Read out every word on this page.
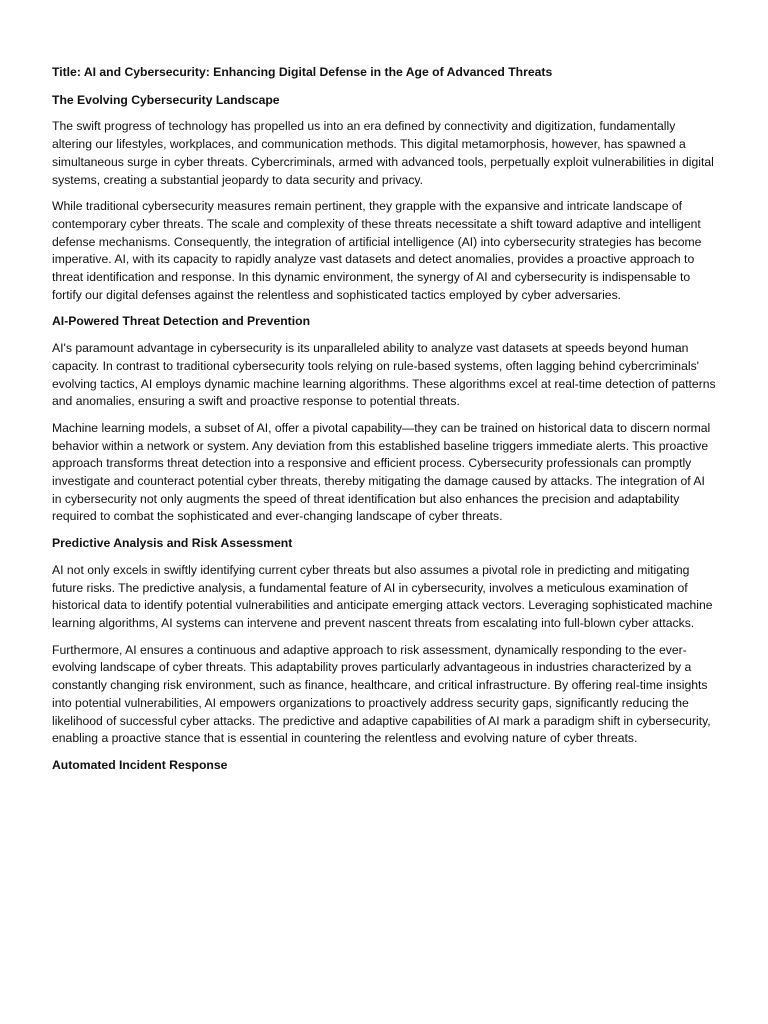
Title: AI and Cybersecurity: Enhancing Digital Defense in the Age of Advanced Threats
The Evolving Cybersecurity Landscape

The swift progress of technology has propelled us into an era defined by connectivity and digitization, fundamentally altering our lifestyles, workplaces, and communication methods. This digital metamorphosis, however, has spawned a simultaneous surge in cyber threats. Cybercriminals, armed with advanced tools, perpetually exploit vulnerabilities in digital systems, creating a substantial jeopardy to data security and privacy.

While traditional cybersecurity measures remain pertinent, they grapple with the expansive and intricate landscape of contemporary cyber threats. The scale and complexity of these threats necessitate a shift toward adaptive and intelligent defense mechanisms. Consequently, the integration of artificial intelligence (AI) into cybersecurity strategies has become imperative. AI, with its capacity to rapidly analyze vast datasets and detect anomalies, provides a proactive approach to threat identification and response. In this dynamic environment, the synergy of AI and cybersecurity is indispensable to fortify our digital defenses against the relentless and sophisticated tactics employed by cyber adversaries.

AI-Powered Threat Detection and Prevention

AI's paramount advantage in cybersecurity is its unparalleled ability to analyze vast datasets at speeds beyond human capacity. In contrast to traditional cybersecurity tools relying on rule-based systems, often lagging behind cybercriminals' evolving tactics, AI employs dynamic machine learning algorithms. These algorithms excel at real-time detection of patterns and anomalies, ensuring a swift and proactive response to potential threats.

Machine learning models, a subset of AI, offer a pivotal capability—they can be trained on historical data to discern normal behavior within a network or system. Any deviation from this established baseline triggers immediate alerts. This proactive approach transforms threat detection into a responsive and efficient process. Cybersecurity professionals can promptly investigate and counteract potential cyber threats, thereby mitigating the damage caused by attacks. The integration of AI in cybersecurity not only augments the speed of threat identification but also enhances the precision and adaptability required to combat the sophisticated and ever-changing landscape of cyber threats.

Predictive Analysis and Risk Assessment

AI not only excels in swiftly identifying current cyber threats but also assumes a pivotal role in predicting and mitigating future risks. The predictive analysis, a fundamental feature of AI in cybersecurity, involves a meticulous examination of historical data to identify potential vulnerabilities and anticipate emerging attack vectors. Leveraging sophisticated machine learning algorithms, AI systems can intervene and prevent nascent threats from escalating into full-blown cyber attacks.

Furthermore, AI ensures a continuous and adaptive approach to risk assessment, dynamically responding to the ever-evolving landscape of cyber threats. This adaptability proves particularly advantageous in industries characterized by a constantly changing risk environment, such as finance, healthcare, and critical infrastructure. By offering real-time insights into potential vulnerabilities, AI empowers organizations to proactively address security gaps, significantly reducing the likelihood of successful cyber attacks. The predictive and adaptive capabilities of AI mark a paradigm shift in cybersecurity, enabling a proactive stance that is essential in countering the relentless and evolving nature of cyber threats.

Automated Incident Response
